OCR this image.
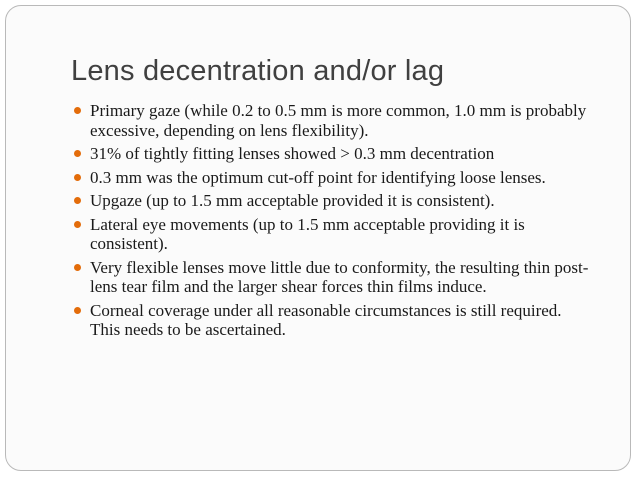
Lens decentration and/or lag
Primary gaze (while 0.2 to 0.5 mm is more common, 1.0 mm is probably excessive, depending on lens flexibility).
31% of tightly fitting lenses showed > 0.3 mm decentration
0.3 mm was the optimum cut-off point for identifying loose lenses.
Upgaze (up to 1.5 mm acceptable provided it is consistent).
Lateral eye movements (up to 1.5 mm acceptable providing it is consistent).
Very flexible lenses move little due to conformity, the resulting thin post-lens tear film and the larger shear forces thin films induce.
Corneal coverage under all reasonable circumstances is still required. This needs to be ascertained.
